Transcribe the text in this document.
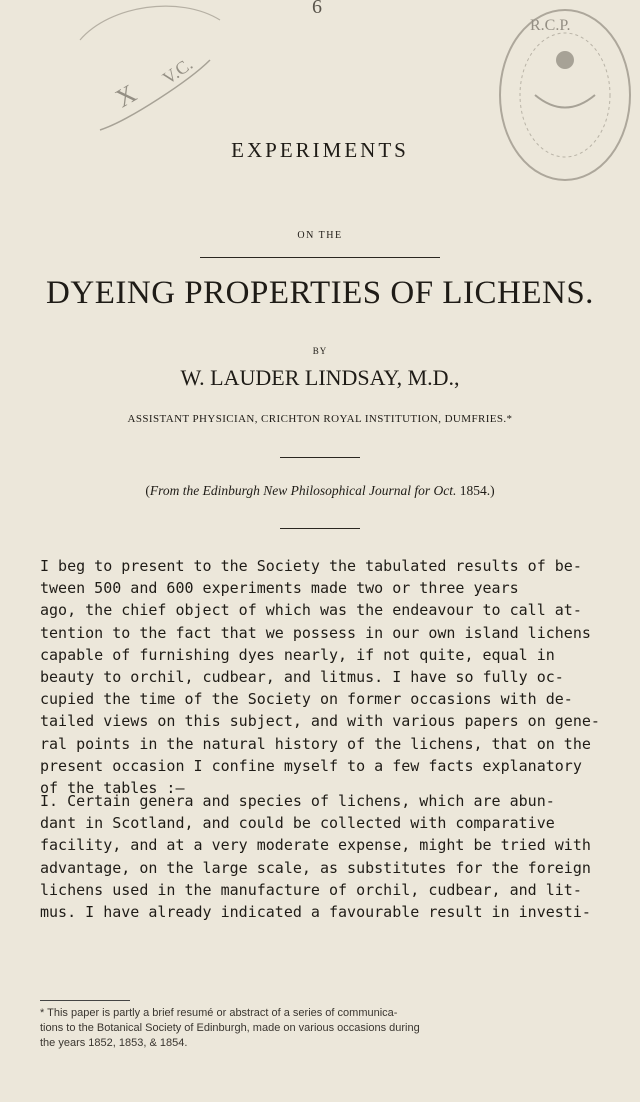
X
V.C.
R.C.P.
6
EXPERIMENTS
ON THE
DYEING PROPERTIES OF LICHENS.
BY
W. LAUDER LINDSAY, M.D.,
ASSISTANT PHYSICIAN, CRICHTON ROYAL INSTITUTION, DUMFRIES.*
(From the Edinburgh New Philosophical Journal for Oct. 1854.)
I beg to present to the Society the tabulated results of be-
tween 500 and 600 experiments made two or three years
ago, the chief object of which was the endeavour to call at-
tention to the fact that we possess in our own island lichens
capable of furnishing dyes nearly, if not quite, equal in
beauty to orchil, cudbear, and litmus. I have so fully oc-
cupied the time of the Society on former occasions with de-
tailed views on this subject, and with various papers on gene-
ral points in the natural history of the lichens, that on the
present occasion I confine myself to a few facts explanatory
of the tables :—
I. Certain genera and species of lichens, which are abun-
dant in Scotland, and could be collected with comparative
facility, and at a very moderate expense, might be tried with
advantage, on the large scale, as substitutes for the foreign
lichens used in the manufacture of orchil, cudbear, and lit-
mus. I have already indicated a favourable result in investi-
* This paper is partly a brief resumé or abstract of a series of communica-
tions to the Botanical Society of Edinburgh, made on various occasions during
the years 1852, 1853, & 1854.
